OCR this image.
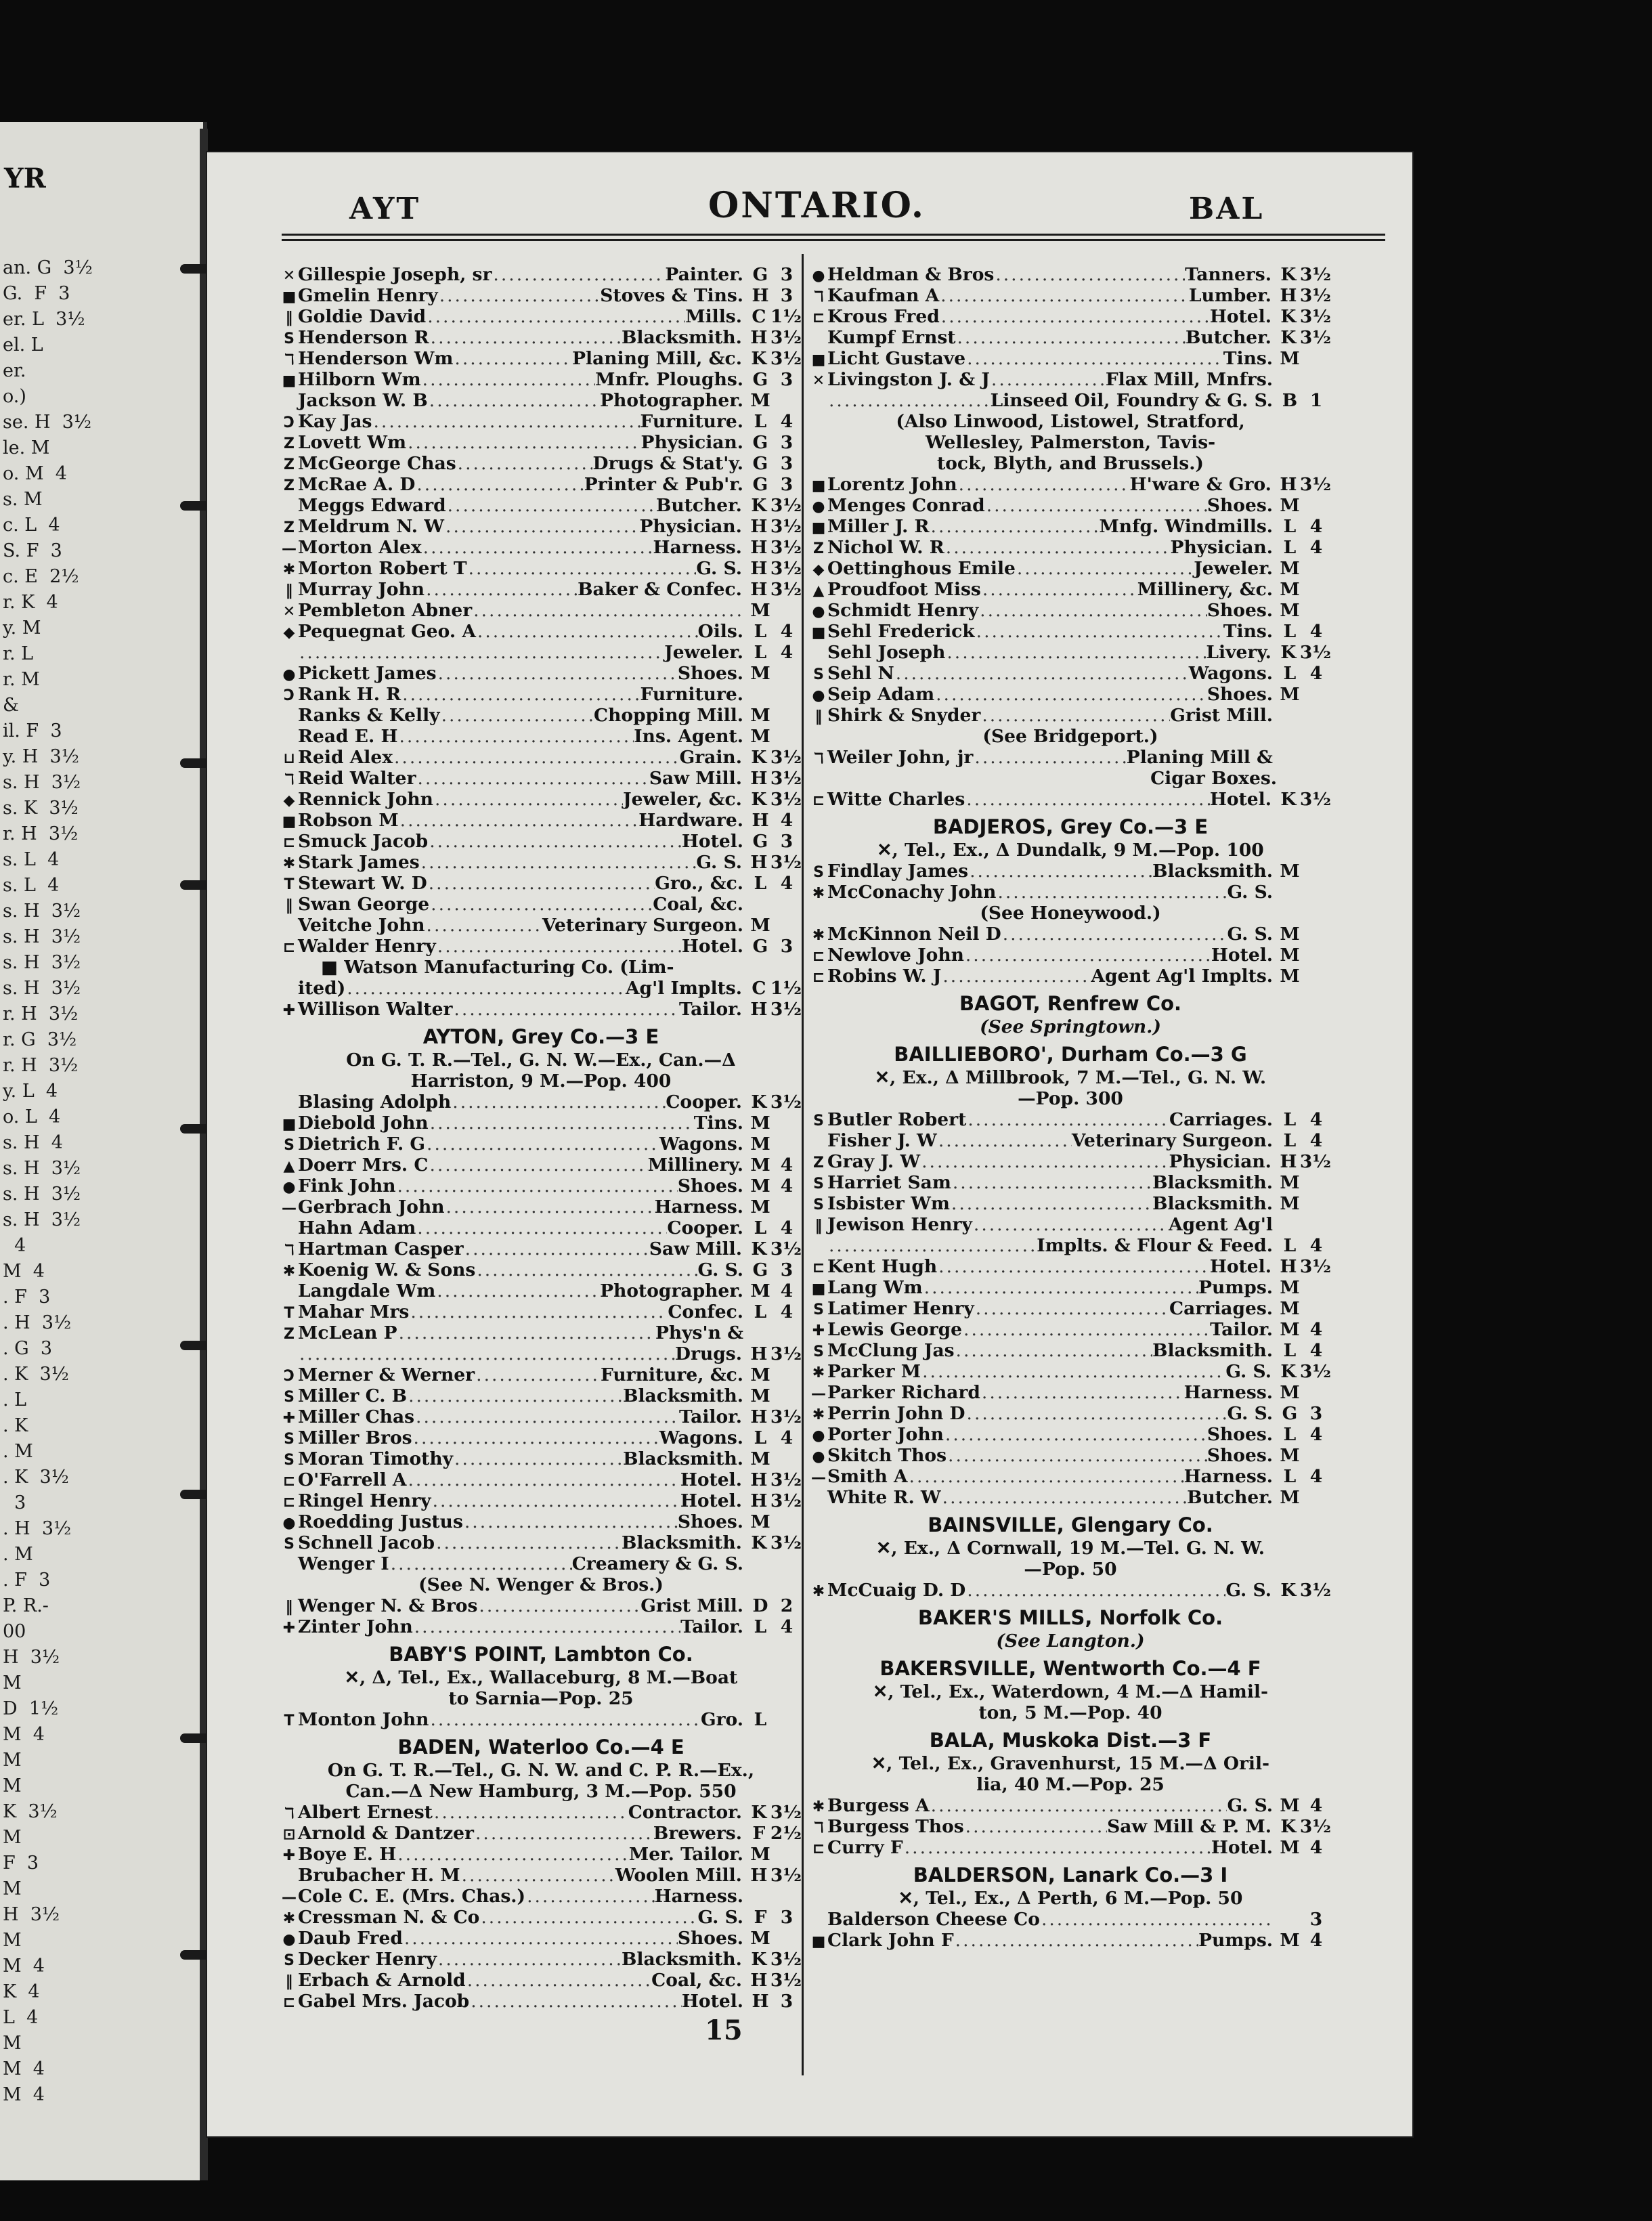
YR
an. G  3½
G.  F  3
er. L  3½
el. L
er.
o.)
se. H  3½
le. M
o. M  4
s. M
c. L  4
S. F  3
c. E  2½
r. K  4
y. M
r. L
r. M
&
il. F  3
y. H  3½
s. H  3½
s. K  3½
r. H  3½
s. L  4
s. L  4
s. H  3½
s. H  3½
s. H  3½
s. H  3½
r. H  3½
r. G  3½
r. H  3½
y. L  4
o. L  4
s. H  4
s. H  3½
s. H  3½
s. H  3½
4
M  4
. F  3
. H  3½
. G  3
. K  3½
. L
. K
. M
. K  3½
3
. H  3½
. M
. F  3
P. R.-
00
H  3½
M
D  1½
M  4
M
M
K  3½
M
F  3
M
H  3½
M
M  4
K  4
L  4
M
M  4
M  4
AYT	ONTARIO.	BAL
✕ Gillespie Joseph, sr .....	Painter. G 3
■ Gmelin Henry .....	Stoves & Tins. H 3
‖ Goldie David .....	Mills. C 1½
S Henderson R .....	Blacksmith. H 3½
ℸ Henderson Wm .....	Planing Mill, &c. K 3½
■ Hilborn Wm .....	Mnfr. Ploughs. G 3
Jackson W. B .....	Photographer. M
Ↄ Kay Jas .....	Furniture. L 4
Z Lovett Wm .....	Physician. G 3
Z McGeorge Chas .....	Drugs & Stat'y. G 3
Z McRae A. D .....	Printer & Pub'r. G 3
Meggs Edward .....	Butcher. K 3½
Z Meldrum N. W .....	Physician. H 3½
— Morton Alex .....	Harness. H 3½
✱ Morton Robert T .....	G. S. H 3½
‖ Murray John .....	Baker & Confec. H 3½
✕ Pembleton Abner .....	M
◆ Pequegnat Geo. A .....	Oils. L 4
.....
Jeweler. L 4
● Pickett James .....	Shoes. M
Ↄ Rank H. R .....	Furniture.
Ranks & Kelly .....	Chopping Mill. M
Read E. H .....	Ins. Agent. M
⊔ Reid Alex .....	Grain. K 3½
ℸ Reid Walter .....	Saw Mill. H 3½
◆ Rennick John .....	Jeweler, &c. K 3½
■ Robson M .....	Hardware. H 4
⊏ Smuck Jacob .....	Hotel. G 3
✱ Stark James .....	G. S. H 3½
T Stewart W. D .....	Gro., &c. L 4
‖ Swan George .....	Coal, &c.
Veitche John .....	Veterinary Surgeon. M
⊏ Walder Henry .....	Hotel. G 3
■ Watson Manufacturing Co. (Lim-
ited) .....	Ag'l Implts. C 1½
✚ Willison Walter .....	Tailor. H 3½
AYTON, Grey Co.—3 E
On G. T. R.—Tel., G. N. W.—Ex., Can.—Δ
Harriston, 9 M.—Pop. 400
Blasing Adolph .....	Cooper. K 3½
■ Diebold John .....	Tins. M
S Dietrich F. G .....	Wagons. M
▲ Doerr Mrs. C .....	Millinery. M 4
● Fink John .....	Shoes. M 4
— Gerbrach John .....	Harness. M
Hahn Adam .....	Cooper. L 4
ℸ Hartman Casper .....	Saw Mill. K 3½
✱ Koenig W. & Sons .....	G. S. G 3
Langdale Wm .....	Photographer. M 4
T Mahar Mrs .....	Confec. L 4
Z McLean P .....	Phys'n &
.....
Drugs. H 3½
Ↄ Merner & Werner .....	Furniture, &c. M
S Miller C. B .....	Blacksmith. M
✚ Miller Chas .....	Tailor. H 3½
S Miller Bros .....	Wagons. L 4
S Moran Timothy .....	Blacksmith. M
⊏ O'Farrell A .....	Hotel. H 3½
⊏ Ringel Henry .....	Hotel. H 3½
● Roedding Justus .....	Shoes. M
S Schnell Jacob .....	Blacksmith. K 3½
Wenger I .....	Creamery & G. S.
(See N. Wenger & Bros.)
‖ Wenger N. & Bros .....	Grist Mill. D 2
✚ Zinter John .....	Tailor. L 4
BABY'S POINT, Lambton Co.
✕, Δ, Tel., Ex., Wallaceburg, 8 M.—Boat
to Sarnia—Pop. 25
T Monton John .....	Gro. L
BADEN, Waterloo Co.—4 E
On G. T. R.—Tel., G. N. W. and C. P. R.—Ex.,
Can.—Δ New Hamburg, 3 M.—Pop. 550
ℸ Albert Ernest .....	Contractor. K 3½
⊡ Arnold & Dantzer .....	Brewers. F 2½
✚ Boye E. H .....	Mer. Tailor. M
Brubacher H. M .....	Woolen Mill. H 3½
— Cole C. E. (Mrs. Chas.) .....	Harness.
✱ Cressman N. & Co .....	G. S. F 3
● Daub Fred .....	Shoes. M
S Decker Henry .....	Blacksmith. K 3½
‖ Erbach & Arnold .....	Coal, &c. H 3½
⊏ Gabel Mrs. Jacob .....	Hotel. H 3
● Heldman & Bros .....	Tanners. K 3½
ℸ Kaufman A .....	Lumber. H 3½
⊏ Krous Fred .....	Hotel. K 3½
Kumpf Ernst .....	Butcher. K 3½
■ Licht Gustave .....	Tins. M
✕ Livingston J. & J .....	Flax Mill, Mnfrs.
.....
Linseed Oil, Foundry & G. S. B 1
(Also Linwood, Listowel, Stratford,
Wellesley, Palmerston, Tavis-
tock, Blyth, and Brussels.)
■ Lorentz John .....	H'ware & Gro. H 3½
● Menges Conrad .....	Shoes. M
■ Miller J. R .....	Mnfg. Windmills. L 4
Z Nichol W. R .....	Physician. L 4
◆ Oettinghous Emile .....	Jeweler. M
▲ Proudfoot Miss .....	Millinery, &c. M
● Schmidt Henry .....	Shoes. M
■ Sehl Frederick .....	Tins. L 4
Sehl Joseph .....	Livery. K 3½
S Sehl N .....	Wagons. L 4
● Seip Adam .....	Shoes. M
‖ Shirk & Snyder .....	Grist Mill.
(See Bridgeport.)
ℸ Weiler John, jr .....	Planing Mill &
Cigar Boxes.
⊏ Witte Charles .....	Hotel. K 3½
BADJEROS, Grey Co.—3 E
✕, Tel., Ex., Δ Dundalk, 9 M.—Pop. 100
S Findlay James .....	Blacksmith. M
✱ McConachy John .....	G. S.
(See Honeywood.)
✱ McKinnon Neil D .....	G. S. M
⊏ Newlove John .....	Hotel. M
⊏ Robins W. J .....	Agent Ag'l Implts. M
BAGOT, Renfrew Co.
(See Springtown.)
BAILLIEBORO', Durham Co.—3 G
✕, Ex., Δ Millbrook, 7 M.—Tel., G. N. W.
—Pop. 300
S Butler Robert .....	Carriages. L 4
Fisher J. W .....	Veterinary Surgeon. L 4
Z Gray J. W .....	Physician. H 3½
S Harriet Sam .....	Blacksmith. M
S Isbister Wm .....	Blacksmith. M
‖ Jewison Henry .....	Agent Ag'l
.....
Implts. & Flour & Feed. L 4
⊏ Kent Hugh .....	Hotel. H 3½
■ Lang Wm .....	Pumps. M
S Latimer Henry .....	Carriages. M
✚ Lewis George .....	Tailor. M 4
S McClung Jas .....	Blacksmith. L 4
✱ Parker M .....	G. S. K 3½
— Parker Richard .....	Harness. M
✱ Perrin John D .....	G. S. G 3
● Porter John .....	Shoes. L 4
● Skitch Thos .....	Shoes. M
— Smith A .....	Harness. L 4
White R. W .....	Butcher. M
BAINSVILLE, Glengary Co.
✕, Ex., Δ Cornwall, 19 M.—Tel. G. N. W.
—Pop. 50
✱ McCuaig D. D .....	G. S. K 3½
BAKER'S MILLS, Norfolk Co.
(See Langton.)
BAKERSVILLE, Wentworth Co.—4 F
✕, Tel., Ex., Waterdown, 4 M.—Δ Hamil-
ton, 5 M.—Pop. 40
BALA, Muskoka Dist.—3 F
✕, Tel., Ex., Gravenhurst, 15 M.—Δ Oril-
lia, 40 M.—Pop. 25
✱ Burgess A .....	G. S. M 4
ℸ Burgess Thos .....	Saw Mill & P. M. K 3½
⊏ Curry F .....	Hotel. M 4
BALDERSON, Lanark Co.—3 I
✕, Tel., Ex., Δ Perth, 6 M.—Pop. 50
Balderson Cheese Co .....	3
■ Clark John F .....	Pumps. M 4
15
